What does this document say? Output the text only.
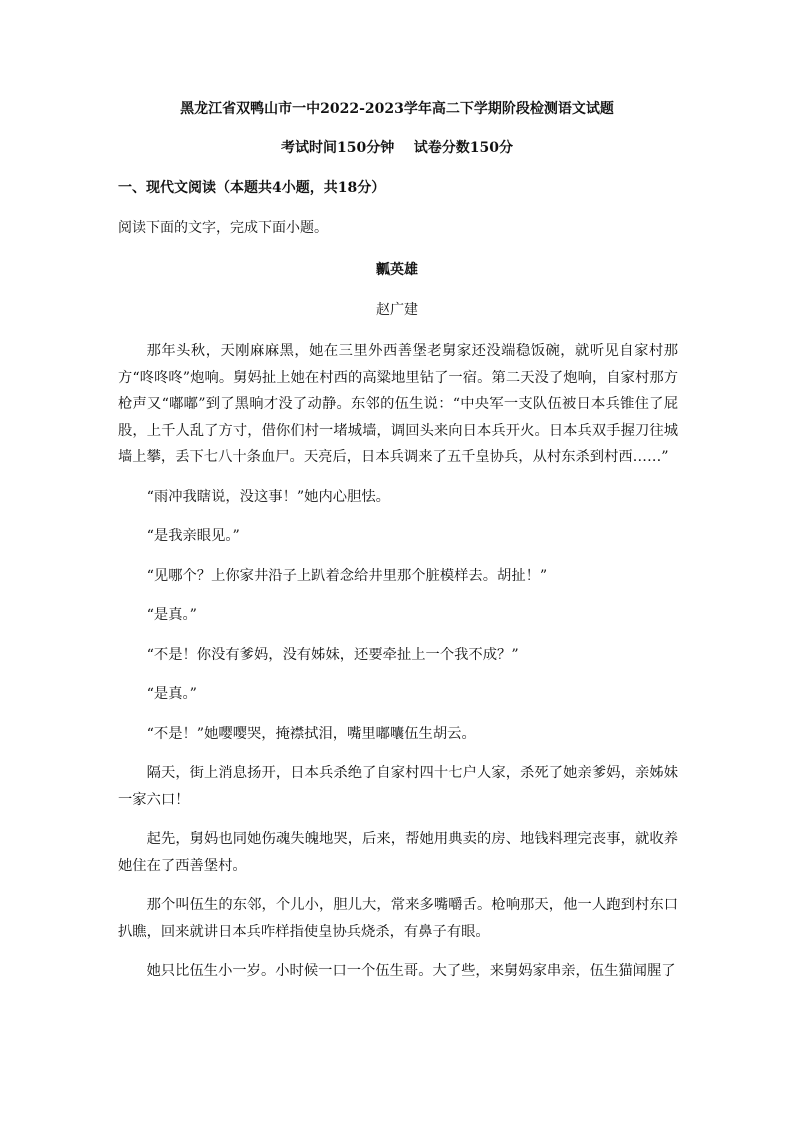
黑龙江省双鸭山市一中2022-2023学年高二下学期阶段检测语文试题
考试时间150分钟    试卷分数150分
一、现代文阅读（本题共4小题，共18分）
阅读下面的文字，完成下面小题。
瓤英雄
赵广建

那年头秋，天刚麻麻黑，她在三里外西善堡老舅家还没端稳饭碗，就听见自家村那方“咚咚咚”炮响。舅妈扯上她在村西的高粱地里钻了一宿。第二天没了炮响，自家村那方枪声又“嘟嘟”到了黑晌才没了动静。东邻的伍生说：“中央军一支队伍被日本兵锥住了屁股，上千人乱了方寸，借你们村一堵城墙，调回头来向日本兵开火。日本兵双手握刀往城墙上攀，丢下七八十条血尸。天亮后，日本兵调来了五千皇协兵，从村东杀到村西……”

“雨冲我瞎说，没这事！”她内心胆怯。

“是我亲眼见。”

“见哪个？上你家井沿子上趴着念给井里那个脏模样去。胡扯！”

“是真。”

“不是！你没有爹妈，没有姊妹，还要牵扯上一个我不成？”

“是真。”

“不是！”她嘤嘤哭，掩襟拭泪，嘴里嘟囔伍生胡云。

隔天，街上消息扬开，日本兵杀绝了自家村四十七户人家，杀死了她亲爹妈，亲姊妹一家六口！

起先，舅妈也同她伤魂失魄地哭，后来，帮她用典卖的房、地钱料理完丧事，就收养她住在了西善堡村。

那个叫伍生的东邻，个儿小，胆儿大，常来多嘴嚼舌。枪响那天，他一人跑到村东口扒瞧，回来就讲日本兵咋样指使皇协兵烧杀，有鼻子有眼。

她只比伍生小一岁。小时候一口一个伍生哥。大了些，来舅妈家串亲，伍生猫闻腥了
